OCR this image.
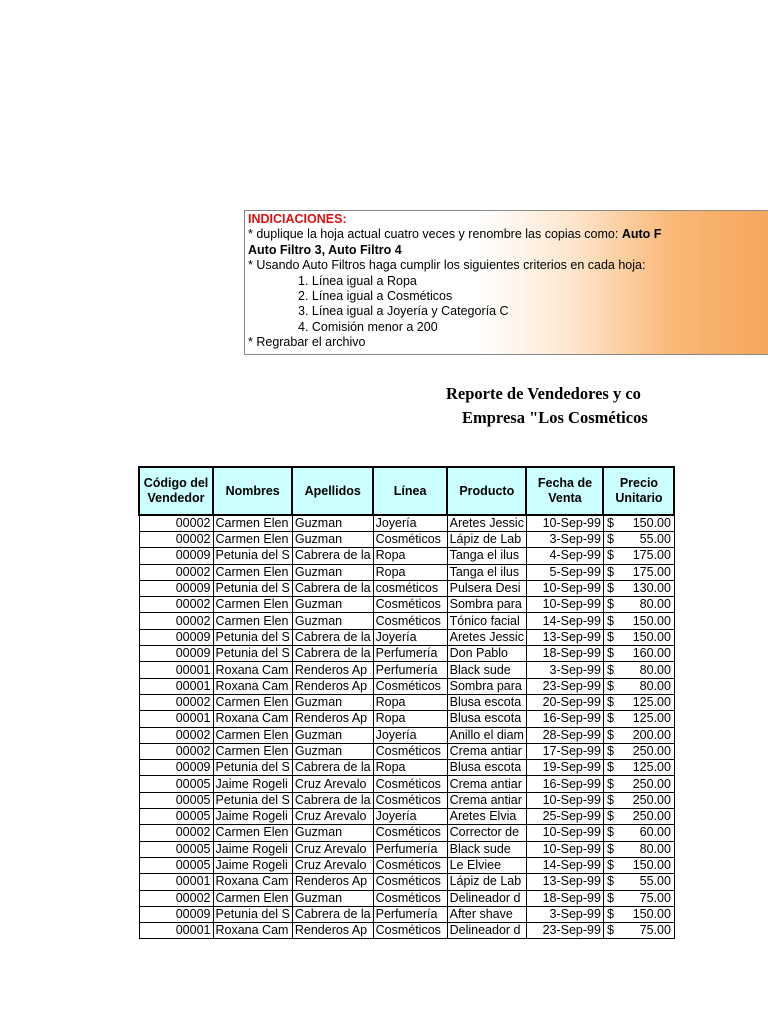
INDICIACIONES:
* duplique la hoja actual cuatro veces y renombre las copias como: Auto F
Auto Filtro 3, Auto Filtro 4
* Usando Auto Filtros haga cumplir los siguientes criterios en cada hoja:
1. Línea igual a Ropa
2. Línea igual a Cosméticos
3. Línea igual a Joyería y Categoría C
4. Comisión menor a 200
* Regrabar el archivo
Reporte de Vendedores y co
Empresa "Los Cosméticos
Código del Vendedor	Nombres	Apellidos	Línea	Producto	Fecha de Venta	Precio Unitario
00002	Carmen Elen	Guzman	Joyería	Aretes Jessic	10-Sep-99	$ 150.00

00002	Carmen Elen	Guzman	Cosméticos	Lápiz de Lab	3-Sep-99	$ 55.00

00009	Petunia del S	Cabrera de la	Ropa	Tanga el ilus	4-Sep-99	$ 175.00

00002	Carmen Elen	Guzman	Ropa	Tanga el ilus	5-Sep-99	$ 175.00

00009	Petunia del S	Cabrera de la	cosméticos	Pulsera Desi	10-Sep-99	$ 130.00

00002	Carmen Elen	Guzman	Cosméticos	Sombra para	10-Sep-99	$ 80.00

00002	Carmen Elen	Guzman	Cosméticos	Tónico facial	14-Sep-99	$ 150.00

00009	Petunia del S	Cabrera de la	Joyería	Aretes Jessic	13-Sep-99	$ 150.00

00009	Petunia del S	Cabrera de la	Perfumería	Don Pablo	18-Sep-99	$ 160.00

00001	Roxana Cam	Renderos Ap	Perfumería	Black sude	3-Sep-99	$ 80.00

00001	Roxana Cam	Renderos Ap	Cosméticos	Sombra para	23-Sep-99	$ 80.00

00002	Carmen Elen	Guzman	Ropa	Blusa escota	20-Sep-99	$ 125.00

00001	Roxana Cam	Renderos Ap	Ropa	Blusa escota	16-Sep-99	$ 125.00

00002	Carmen Elen	Guzman	Joyería	Anillo el diam	28-Sep-99	$ 200.00

00002	Carmen Elen	Guzman	Cosméticos	Crema antiar	17-Sep-99	$ 250.00

00009	Petunia del S	Cabrera de la	Ropa	Blusa escota	19-Sep-99	$ 125.00

00005	Jaime Rogeli	Cruz Arevalo	Cosméticos	Crema antiar	16-Sep-99	$ 250.00

00005	Petunia del S	Cabrera de la	Cosméticos	Crema antiar	10-Sep-99	$ 250.00

00005	Jaime Rogeli	Cruz Arevalo	Joyería	Aretes Elvia	25-Sep-99	$ 250.00

00002	Carmen Elen	Guzman	Cosméticos	Corrector de	10-Sep-99	$ 60.00

00005	Jaime Rogeli	Cruz Arevalo	Perfumería	Black sude	10-Sep-99	$ 80.00

00005	Jaime Rogeli	Cruz Arevalo	Cosméticos	Le Elviee	14-Sep-99	$ 150.00

00001	Roxana Cam	Renderos Ap	Cosméticos	Lápiz de Lab	13-Sep-99	$ 55.00

00002	Carmen Elen	Guzman	Cosméticos	Delineador d	18-Sep-99	$ 75.00

00009	Petunia del S	Cabrera de la	Perfumería	After shave	3-Sep-99	$ 150.00

00001	Roxana Cam	Renderos Ap	Cosméticos	Delineador d	23-Sep-99	$ 75.00
